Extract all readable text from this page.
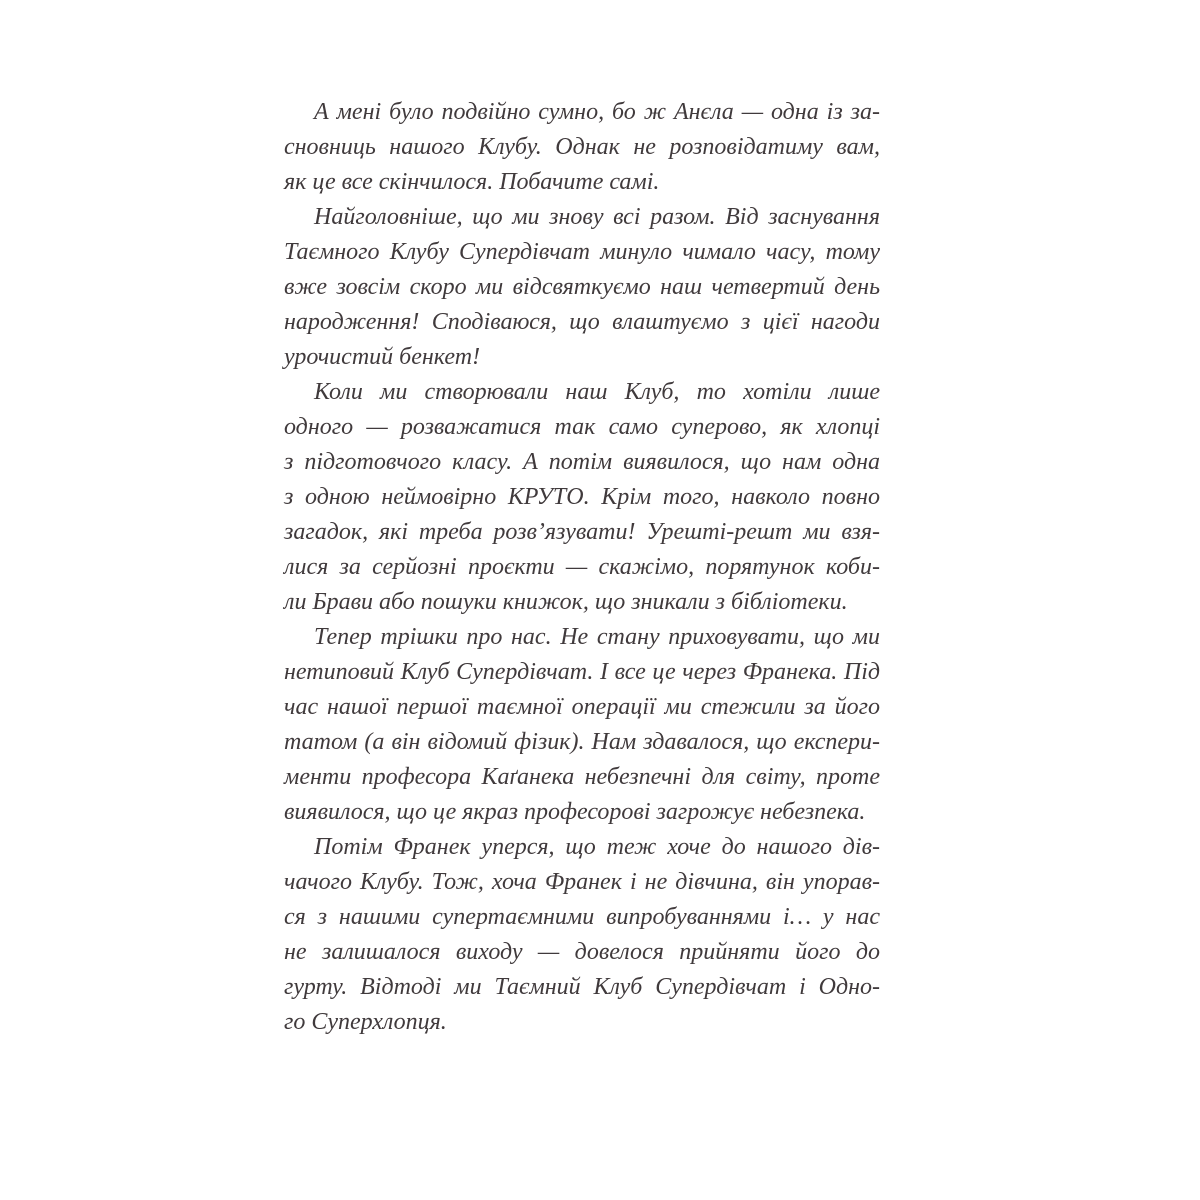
А мені було подвійно сумно, бо ж Анєла — одна із за-
сновниць нашого Клубу. Однак не розповідатиму вам,
як це все скінчилося. Побачите самі.
Найголовніше, що ми знову всі разом. Від заснування
Таємного Клубу Супердівчат минуло чимало часу, тому
вже зовсім скоро ми відсвяткуємо наш четвертий день
народження! Сподіваюся, що влаштуємо з цієї нагоди
урочистий бенкет!
Коли ми створювали наш Клуб, то хотіли лише
одного — розважатися так само суперово, як хлопці
з підготовчого класу. А потім виявилося, що нам одна
з одною неймовірно КРУТО. Крім того, навколо повно
загадок, які треба розв’язувати! Урешті-решт ми взя-
лися за серйозні проєкти — скажімо, порятунок коби-
ли Брави або пошуки книжок, що зникали з бібліотеки.
Тепер трішки про нас. Не стану приховувати, що ми
нетиповий Клуб Супердівчат. І все це через Франека. Під
час нашої першої таємної операції ми стежили за його
татом (а він відомий фізик). Нам здавалося, що експери-
менти професора Каґанека небезпечні для світу, проте
виявилося, що це якраз професорові загрожує небезпека.
Потім Франек уперся, що теж хоче до нашого дів-
чачого Клубу. Тож, хоча Франек і не дівчина, він упорав-
ся з нашими супертаємними випробуваннями і… у нас
не залишалося виходу — довелося прийняти його до
гурту. Відтоді ми Таємний Клуб Супердівчат і Одно-
го Суперхлопця.
